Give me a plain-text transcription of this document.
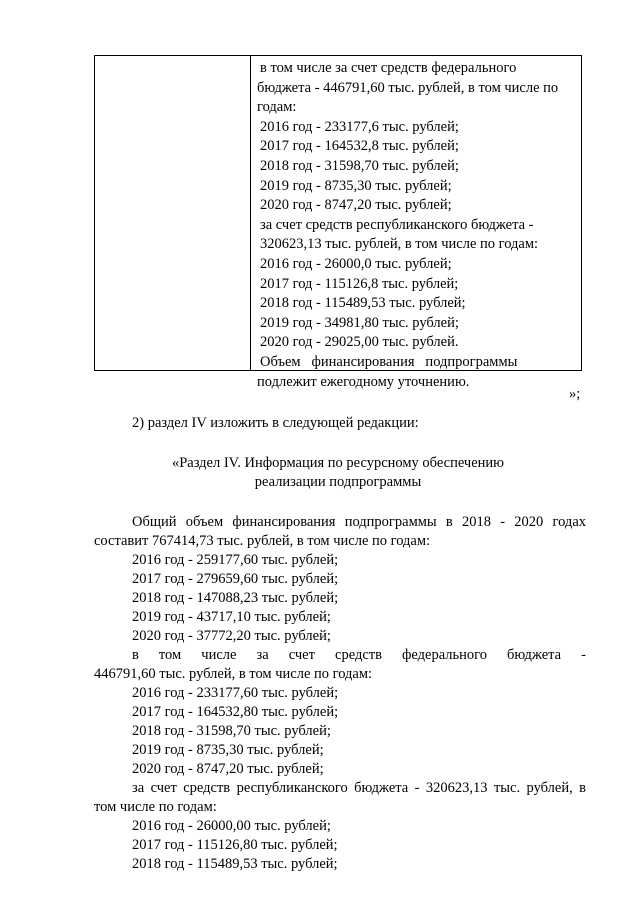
в том числе за счет средств федерального
бюджета - 446791,60 тыс. рублей, в том числе по
годам:
2016 год - 233177,6 тыс. рублей;
2017 год - 164532,8 тыс. рублей;
2018 год - 31598,70 тыс. рублей;
2019 год - 8735,30 тыс. рублей;
2020 год - 8747,20 тыс. рублей;
за счет средств республиканского бюджета -
320623,13 тыс. рублей, в том числе по годам:
2016 год - 26000,0 тыс. рублей;
2017 год - 115126,8 тыс. рублей;
2018 год - 115489,53 тыс. рублей;
2019 год - 34981,80 тыс. рублей;
2020 год - 29025,00 тыс. рублей.
Объем   финансирования   подпрограммы
подлежит ежегодному уточнению.
»;
2) раздел IV изложить в следующей редакции:
«Раздел IV. Информация по ресурсному обеспечению
реализации подпрограммы
Общий объем финансирования подпрограммы в 2018 - 2020 годах
составит 767414,73 тыс. рублей, в том числе по годам:
2016 год - 259177,60 тыс. рублей;
2017 год - 279659,60 тыс. рублей;
2018 год - 147088,23 тыс. рублей;
2019 год - 43717,10 тыс. рублей;
2020 год - 37772,20 тыс. рублей;
в том числе за счет средств федерального бюджета -
446791,60 тыс. рублей, в том числе по годам:
2016 год - 233177,60 тыс. рублей;
2017 год - 164532,80 тыс. рублей;
2018 год - 31598,70 тыс. рублей;
2019 год - 8735,30 тыс. рублей;
2020 год - 8747,20 тыс. рублей;
за счет средств республиканского бюджета - 320623,13 тыс. рублей, в
том числе по годам:
2016 год - 26000,00 тыс. рублей;
2017 год - 115126,80 тыс. рублей;
2018 год - 115489,53 тыс. рублей;
